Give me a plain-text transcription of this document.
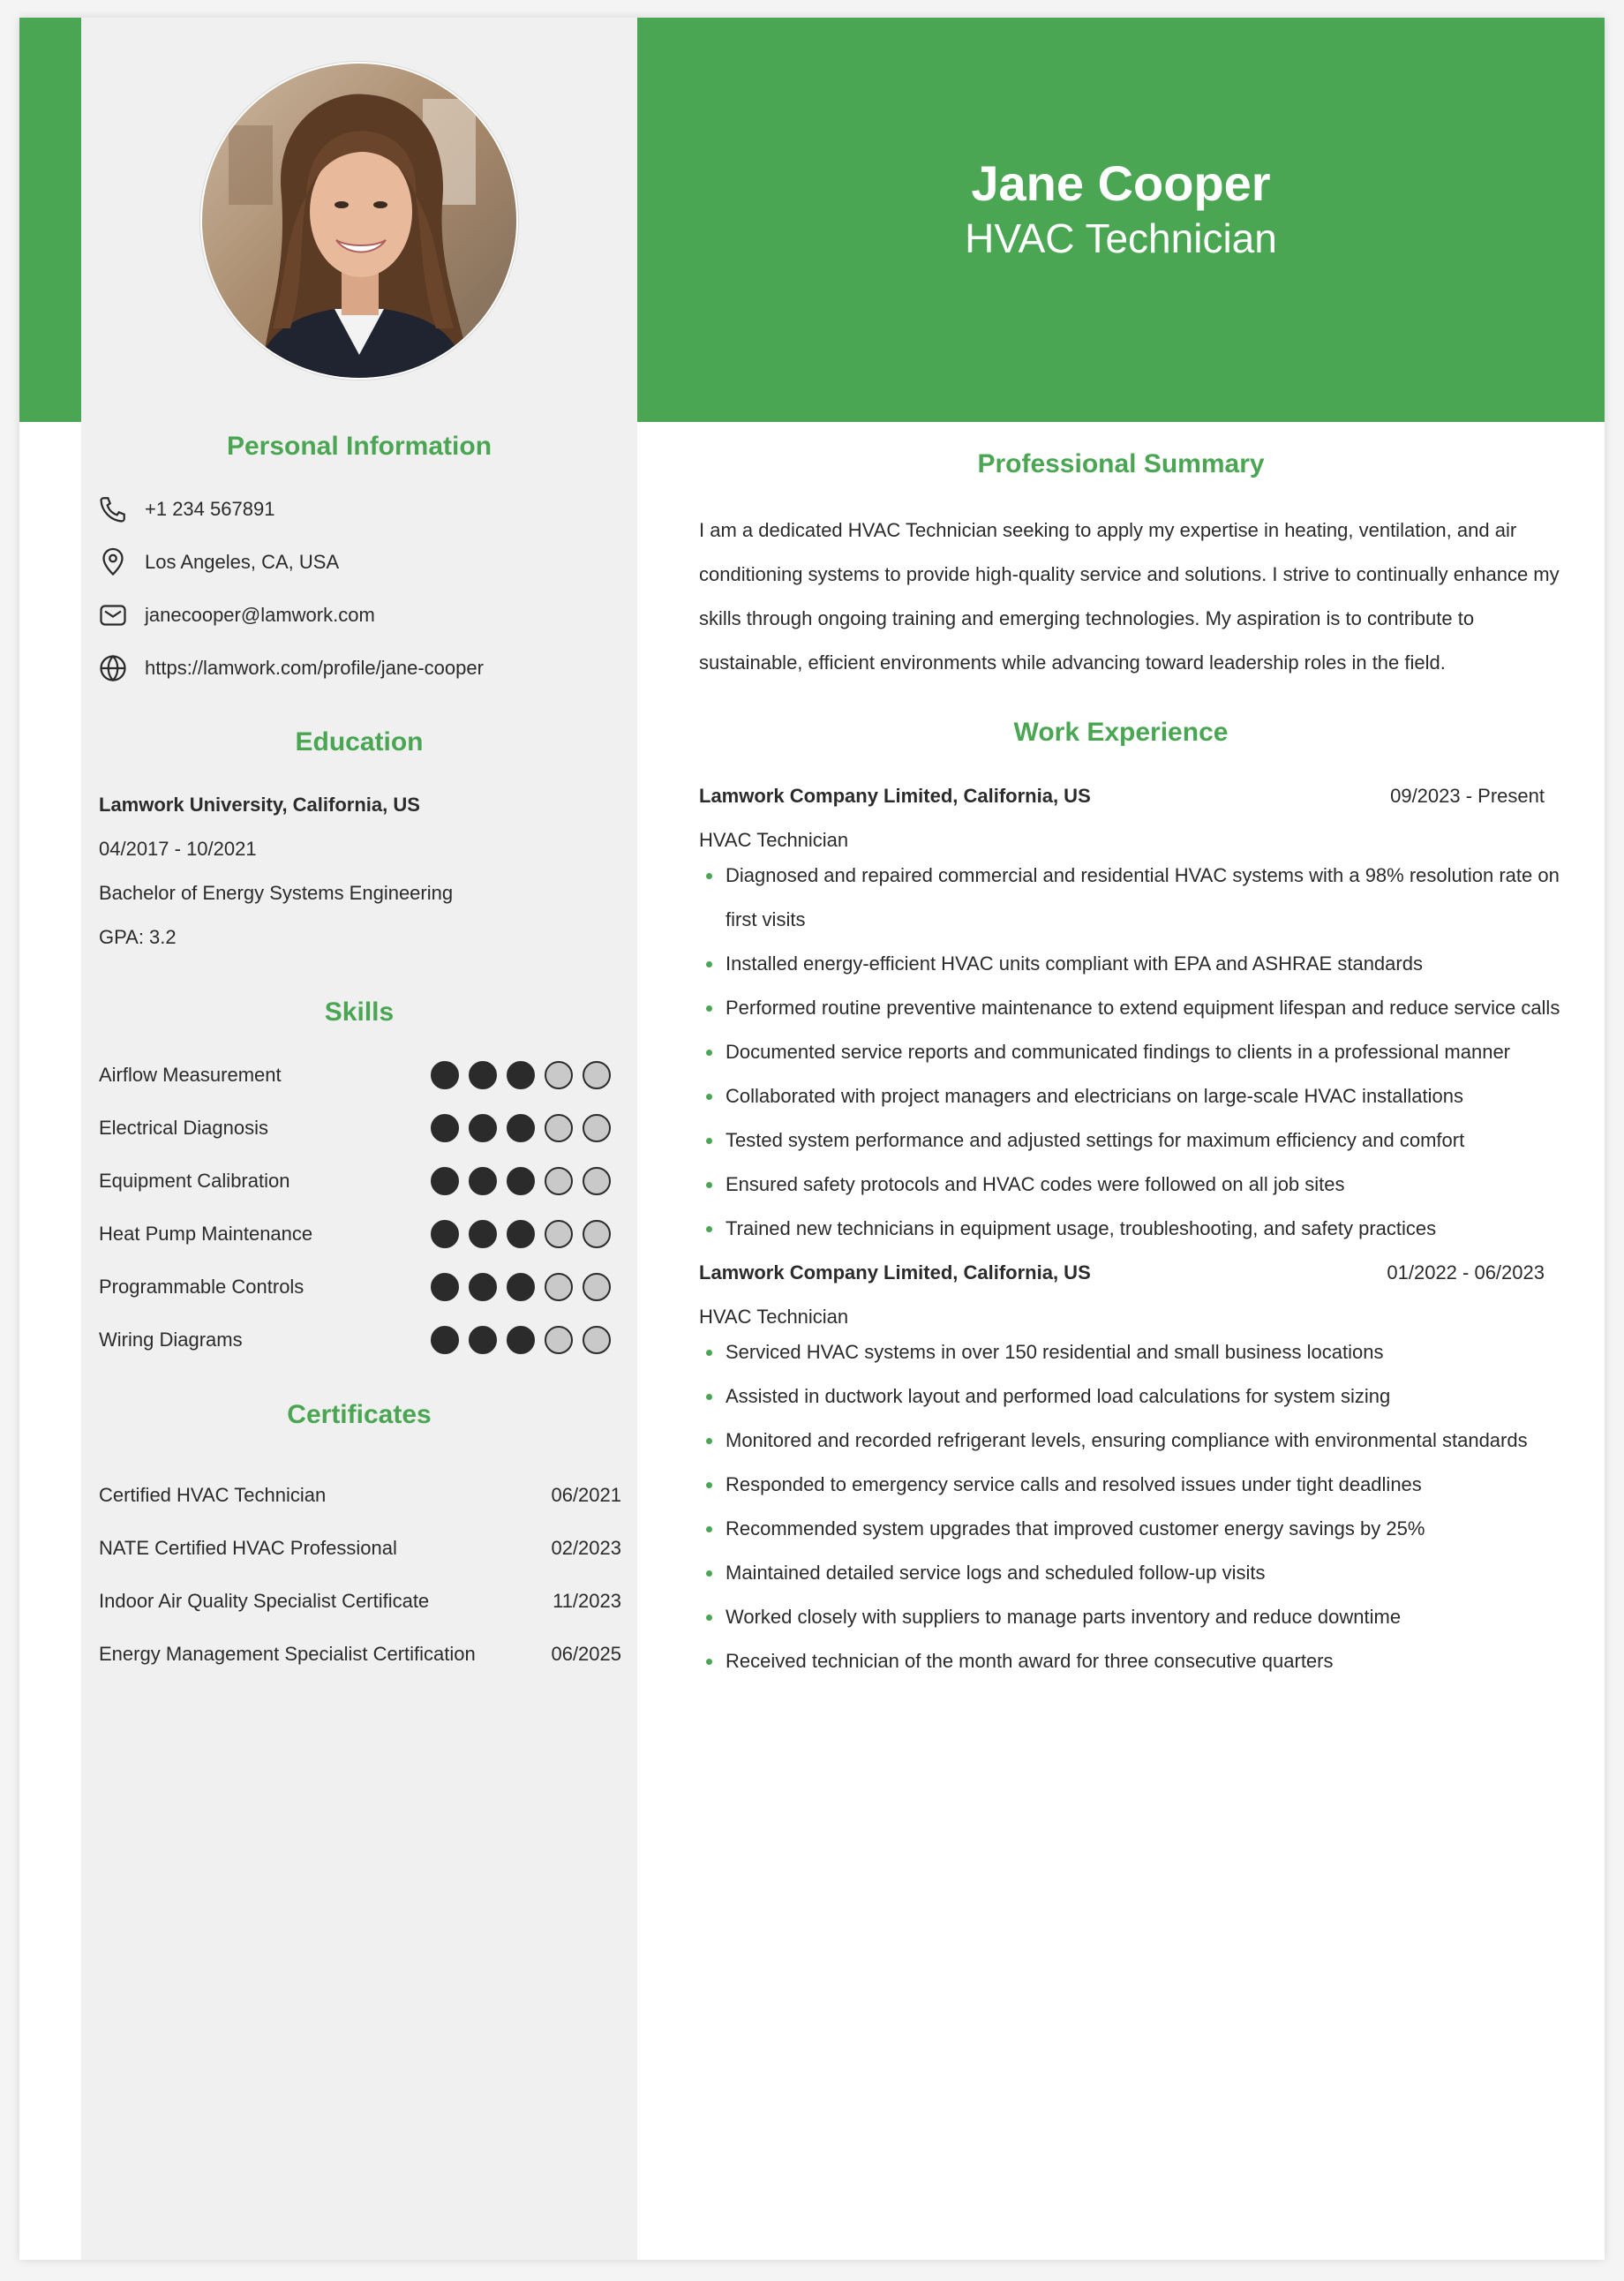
Jane Cooper
HVAC Technician
Personal Information
+1 234 567891
Los Angeles, CA, USA
janecooper@lamwork.com
https://lamwork.com/profile/jane-cooper
Education
Lamwork University, California, US
04/2017 - 10/2021
Bachelor of Energy Systems Engineering
GPA: 3.2
Skills
Airflow Measurement
Electrical Diagnosis
Equipment Calibration
Heat Pump Maintenance
Programmable Controls
Wiring Diagrams
Certificates
Certified HVAC Technician	06/2021
NATE Certified HVAC Professional	02/2023
Indoor Air Quality Specialist Certificate	11/2023
Energy Management Specialist Certification	06/2025
Professional Summary

I am a dedicated HVAC Technician seeking to apply my expertise in heating, ventilation, and air conditioning systems to provide high-quality service and solutions. I strive to continually enhance my skills through ongoing training and emerging technologies. My aspiration is to contribute to sustainable, efficient environments while advancing toward leadership roles in the field.

Work Experience
Lamwork Company Limited, California, US	09/2023 - Present
HVAC Technician
Diagnosed and repaired commercial and residential HVAC systems with a 98% resolution rate on first visits
Installed energy-efficient HVAC units compliant with EPA and ASHRAE standards
Performed routine preventive maintenance to extend equipment lifespan and reduce service calls
Documented service reports and communicated findings to clients in a professional manner
Collaborated with project managers and electricians on large-scale HVAC installations
Tested system performance and adjusted settings for maximum efficiency and comfort
Ensured safety protocols and HVAC codes were followed on all job sites
Trained new technicians in equipment usage, troubleshooting, and safety practices
Lamwork Company Limited, California, US	01/2022 - 06/2023
HVAC Technician
Serviced HVAC systems in over 150 residential and small business locations
Assisted in ductwork layout and performed load calculations for system sizing
Monitored and recorded refrigerant levels, ensuring compliance with environmental standards
Responded to emergency service calls and resolved issues under tight deadlines
Recommended system upgrades that improved customer energy savings by 25%
Maintained detailed service logs and scheduled follow-up visits
Worked closely with suppliers to manage parts inventory and reduce downtime
Received technician of the month award for three consecutive quarters
